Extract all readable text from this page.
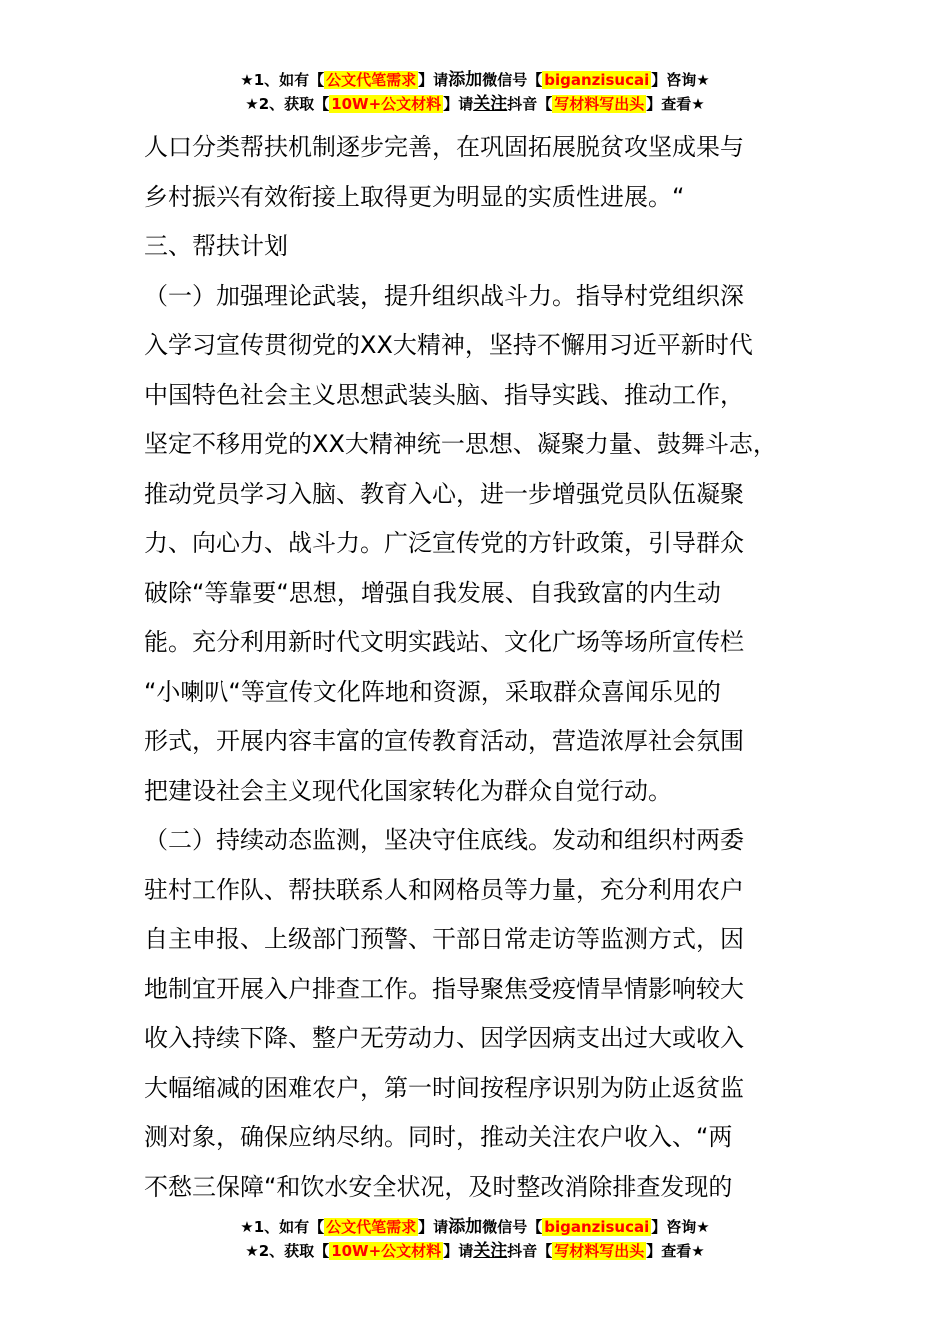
★1、如有【 公文代笔需求 】请添加微信号【 biganzisucai 】咨询★
★2、获取【 10W+公文材料 】请关注抖音【 写材料写出头 】查看★

人口分类帮扶机制逐步完善，在巩固拓展脱贫攻坚成果与

乡村振兴有效衔接上取得更为明显的实质性进展。“

三、帮扶计划

（一）加强理论武装，提升组织战斗力。指导村党组织深

入学习宣传贯彻党的XX大精神，坚持不懈用习近平新时代

中国特色社会主义思想武装头脑、指导实践、推动工作，

坚定不移用党的XX大精神统一思想、凝聚力量、鼓舞斗志，

推动党员学习入脑、教育入心，进一步增强党员队伍凝聚

力、向心力、战斗力。广泛宣传党的方针政策，引导群众

破除“等靠要“思想，增强自我发展、自我致富的内生动

能。充分利用新时代文明实践站、文化广场等场所宣传栏

“小喇叭“等宣传文化阵地和资源，采取群众喜闻乐见的

形式，开展内容丰富的宣传教育活动，营造浓厚社会氛围

把建设社会主义现代化国家转化为群众自觉行动。

（二）持续动态监测，坚决守住底线。发动和组织村两委

驻村工作队、帮扶联系人和网格员等力量，充分利用农户

自主申报、上级部门预警、干部日常走访等监测方式，因

地制宜开展入户排查工作。指导聚焦受疫情旱情影响较大

收入持续下降、整户无劳动力、因学因病支出过大或收入

大幅缩减的困难农户，第一时间按程序识别为防止返贫监

测对象，确保应纳尽纳。同时，推动关注农户收入、“两

不愁三保障“和饮水安全状况，及时整改消除排查发现的

★1、如有【 公文代笔需求 】请添加微信号【 biganzisucai 】咨询★
★2、获取【 10W+公文材料 】请关注抖音【 写材料写出头 】查看★
